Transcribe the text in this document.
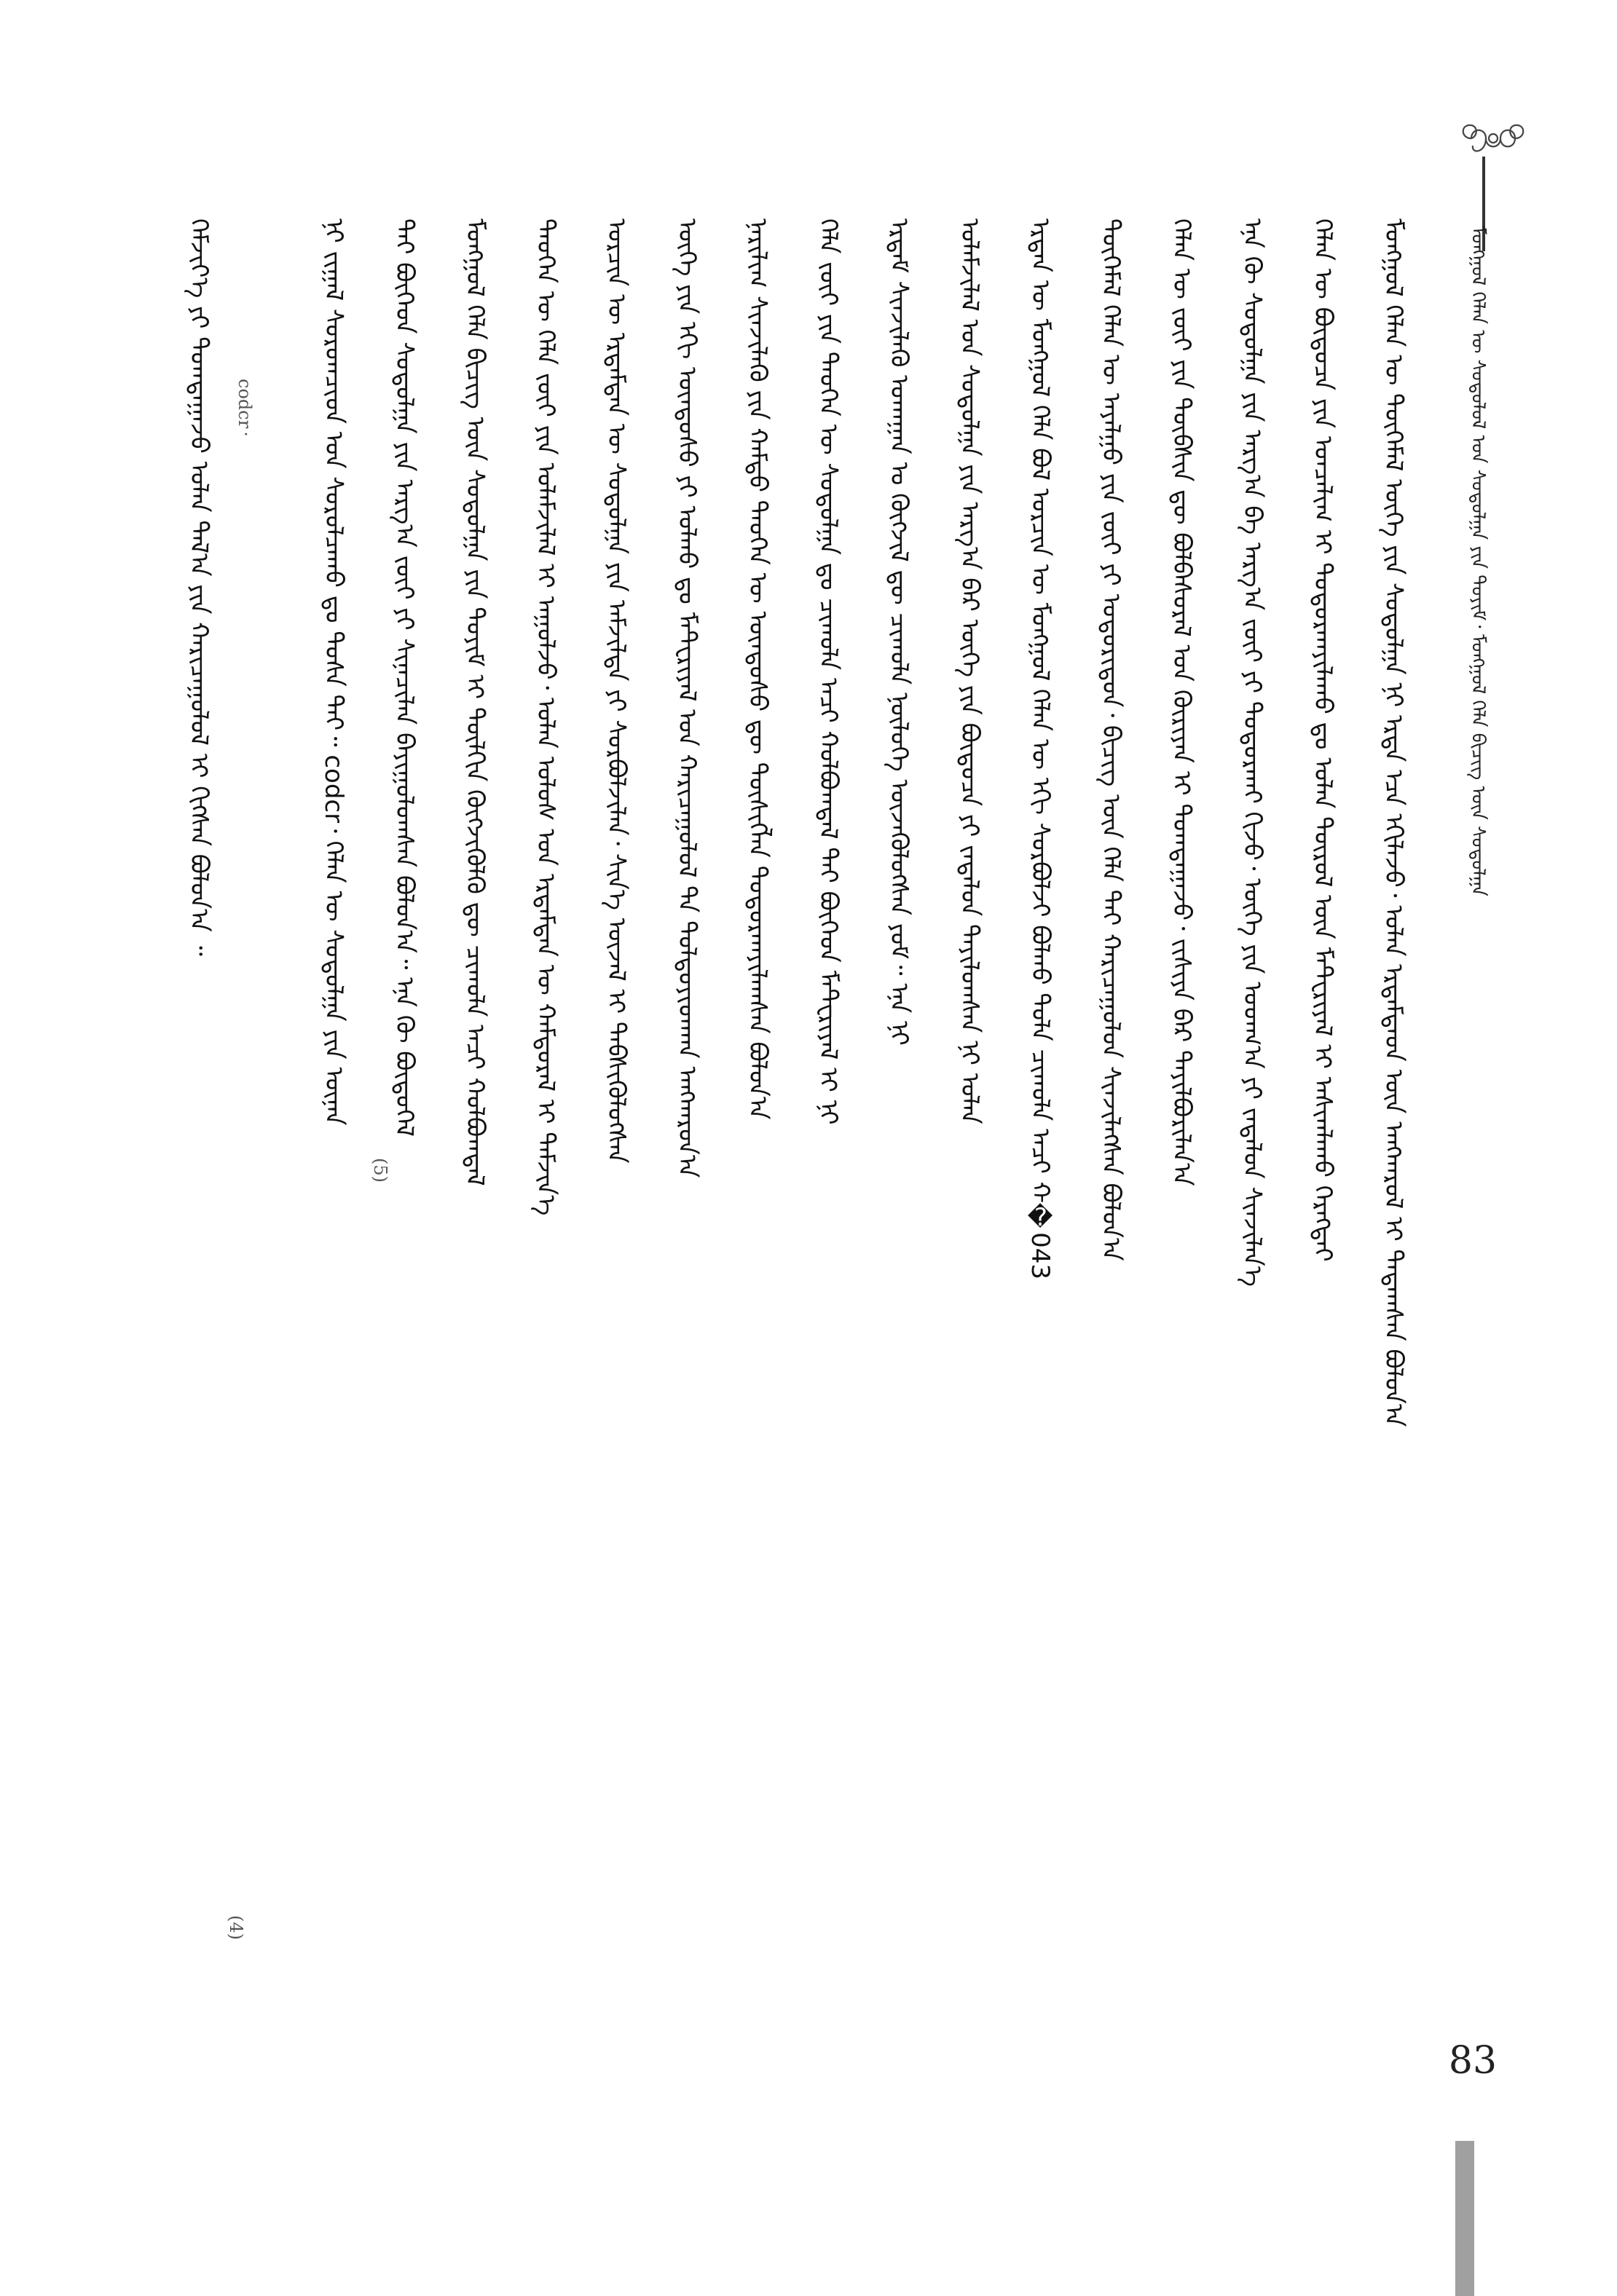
ᠮᠣᠩᠭᠣᠯ ᠬᠡᠯᠡᠨ ᠦ ᠰᠤᠳᠤᠯᠤᠯ ᠤᠨ ᠰᠤᠳᠤᠯᠭᠠ ᠶᠢᠨ ᠲᠤᠶᠢᠮ᠂ ᠮᠣᠩᠭᠣᠯ ᠬᠡᠯᠡ ᠪᠢᠴᠢᠭ ᠦᠨ ᠰᠤᠳᠤᠯᠭᠠ
83
ᠮᠣᠩᠭᠣᠯ ᠬᠡᠯᠡᠨ ᠦ ᠲᠦᠭᠡᠮᠡᠯ ᠦᠭᠡ ᠶᠢᠨ ᠰᠤᠳᠤᠯᠭᠠ ᠨᠢ ᠡᠷᠲᠡ ᠡᠴᠡ ᠡᠬᠢᠯᠡᠵᠦ᠂ ᠣᠯᠠᠨ ᠡᠷᠳᠡᠮᠲᠡᠳ ᠦᠨ ᠠᠩᠬᠠᠷᠤᠯ ᠢ ᠲᠠᠲᠠᠭᠰᠠᠨ ᠪᠣᠯᠤᠨ᠎ᠠ
ᠬᠡᠯᠡᠨ ᠦ ᠪᠦᠲᠦᠴᠡ ᠶᠢᠨ ᠣᠨᠴᠠᠯᠢᠭ ᠢ ᠲᠣᠳᠣᠷᠬᠠᠶᠢᠯᠠᠬᠤ ᠳᠤ ᠣᠯᠠᠨ ᠲᠦᠷᠦᠯ ᠦᠨ ᠮᠠᠲ᠋ᠧᠷᠢᠶᠠᠯ ᠢ ᠠᠰᠢᠭᠯᠠᠬᠤ ᠬᠡᠷᠡᠭᠲᠡᠢ
ᠡᠨᠡ ᠬᠦ ᠰᠤᠳᠤᠯᠭᠠ ᠶᠢᠨ ᠠᠷᠭ᠎ᠠ ᠪᠠ ᠠᠷᠭ᠎ᠠ ᠵᠦᠢ ᠶᠢ ᠲᠣᠳᠤᠷᠬᠠᠢ ᠬᠢᠵᠦ᠂ ᠦᠭᠡ ᠶᠢᠨ ᠤᠳᠬ᠎ᠠ ᠶᠢ ᠵᠠᠳᠠᠯᠤᠨ ᠰᠢᠨᠵᠢᠯᠡᠨ᠎ᠡ
ᠬᠡᠯᠡᠨ ᠦ ᠵᠦᠢ ᠶᠢᠨ ᠲᠦᠪᠰᠢᠨ ᠳᠦ ᠪᠣᠯᠪᠠᠰᠤᠷᠠᠯ ᠤᠨ ᠬᠦᠷᠢᠶᠡᠨ ᠢ ᠲᠣᠭᠲᠠᠭᠠᠵᠤ᠂ ᠵᠢᠱᠢᠶᠡ ᠪᠠᠷ ᠲᠠᠶᠢᠯᠪᠤᠷᠢᠯᠠᠨ᠎ᠠ
ᠲᠦᠭᠡᠮᠡᠯ ᠬᠡᠯᠡᠨ ᠦ ᠠᠶᠠᠯᠭᠤ ᠶᠢᠨ ᠵᠦᠢ ᠶᠢ ᠤᠳᠤᠷᠢᠳᠤᠨ᠂ ᠪᠢᠴᠢᠭ ᠦᠨ ᠬᠡᠯᠡ ᠲᠡᠢ ᠬᠠᠷᠢᠴᠠᠭᠤᠯᠤᠨ ᠰᠢᠨᠵᠢᠯᠡᠭᠰᠡᠨ ᠪᠣᠯᠤᠨ᠎ᠠ
ᠡᠷᠲᠡᠨ ᠦ ᠮᠣᠩᠭᠣᠯ ᠬᠡᠯᠡ ᠪᠣᠯ ᠣᠷᠴᠢᠨ ᠦ ᠮᠣᠩᠭᠣᠯ ᠬᠡᠯᠡᠨ ᠦ ᠡᠬᠢ ᠰᠤᠷᠪᠤᠯᠵᠢ ᠪᠣᠯᠬᠤ ᠲᠤᠯᠠ ᠴᠢᠬᠤᠯᠠ ᠠᠴᠢ ᠬ�043
ᠤᠯᠠᠮᠵᠢᠯᠠᠯ ᠤᠨ ᠰᠤᠳᠤᠯᠭᠠ ᠶᠢᠨ ᠠᠷᠭ᠎ᠠ ᠪᠠᠷ ᠦᠭᠡ ᠶᠢᠨ ᠪᠦᠲᠦᠴᠡ ᠶᠢ ᠵᠠᠳᠠᠯᠤᠨ ᠲᠠᠶᠢᠯᠤᠭᠰᠠᠨ ᠨᠢ ᠣᠯᠠᠨ
ᠡᠷᠳᠡᠮ ᠰᠢᠨᠵᠢᠯᠡᠬᠦ ᠤᠬᠠᠭᠠᠨ ᠤ ᠬᠥᠭᠵᠢᠯ ᠳᠦ ᠴᠢᠬᠤᠯᠠ ᠨᠥᠯᠦᠭᠡ ᠦᠵᠡᠭᠦᠯᠦᠭᠰᠡᠨ ᠶᠤᠮ᠃ ᠡᠨᠡ ᠨᠢ
ᠬᠡᠯᠡ ᠵᠦᠢ ᠶᠢᠨ ᠲᠡᠦᠬᠡᠨ ᠦ ᠰᠤᠳᠤᠯᠭᠠ ᠳᠤ ᠴᠢᠬᠤᠯᠠ ᠠᠴᠢ ᠬᠣᠯᠪᠤᠭᠳᠠᠯ ᠲᠠᠢ ᠪᠥᠭᠡᠳ ᠮᠠᠲ᠋ᠧᠷᠢᠶᠠᠯ ᠢ ᠨᠢ
ᠨᠠᠷᠢᠯᠢᠭ ᠰᠢᠨᠵᠢᠯᠡᠬᠦ ᠶᠢᠨ ᠬᠠᠮᠲᠤ ᠲᠡᠦᠬᠡᠨ ᠦ ᠦᠨᠳᠦᠰᠦ ᠳᠦ ᠲᠦᠰᠢᠭᠯᠡᠨ ᠲᠣᠳᠣᠷᠬᠠᠶᠢᠯᠠᠭᠰᠠᠨ ᠪᠣᠯᠤᠨ᠎ᠠ
ᠦᠭᠡ ᠶᠢᠨ ᠡᠬᠢ ᠦᠨᠳᠦᠰᠦ ᠶᠢ ᠣᠯᠬᠤ ᠳᠤ ᠮᠠᠲ᠋ᠧᠷᠢᠶᠠᠯ ᠤᠨ ᠬᠠᠷᠢᠴᠠᠭᠤᠯᠤᠯ ᠲᠠ ᠳᠤᠯᠳᠤᠶᠢᠳᠬᠠᠨ ᠠᠩᠬᠠᠷᠤᠨ᠎ᠠ
ᠣᠷᠴᠢᠨ ᠦ ᠡᠷᠳᠡᠮᠲᠡᠨ ᠦ ᠰᠤᠳᠤᠯᠭᠠ ᠶᠢᠨ ᠠᠮᠵᠢᠯᠲᠠ ᠶᠢ ᠰᠤᠷᠪᠤᠯᠵᠢᠯᠠᠨ᠂ ᠰᠢᠨ᠎ᠡ ᠦᠵᠡᠯ ᠢ ᠳᠡᠪᠰᠢᠭᠦᠯᠦᠭᠰᠡᠨ
ᠲᠡᠦᠬᠡᠨ ᠦ ᠬᠡᠯᠡ ᠵᠦᠢ ᠶᠢᠨ ᠤᠯᠠᠮᠵᠢᠯᠠᠯ ᠢ ᠠᠭᠤᠯᠵᠤ᠂ ᠣᠯᠠᠨ ᠤᠯᠤᠰ ᠤᠨ ᠡᠷᠳᠡᠮᠲᠡᠨ ᠦ ᠬᠠᠮᠲᠤᠷᠠᠯ ᠢ ᠳᠡᠮᠵᠢᠨ᠎ᠡ
ᠮᠣᠩᠭᠣᠯ ᠬᠡᠯᠡ ᠪᠢᠴᠢᠭ ᠦᠨ ᠰᠤᠳᠤᠯᠭᠠ ᠶᠢᠨ ᠲᠤᠶᠢᠮ ᠢ ᠲᠦᠯᠬᠢᠨ ᠬᠥᠭᠵᠢᠭᠦᠯᠬᠦ ᠳᠦ ᠴᠢᠬᠤᠯᠠ ᠠᠴᠢ ᠬᠣᠯᠪᠣᠭᠳᠠᠯ
ᠲᠠᠢ ᠪᠥᠭᠡᠳ ᠰᠤᠳᠤᠯᠭᠠ ᠶᠢᠨ ᠠᠷᠭ᠎ᠠ ᠵᠦᠢ ᠶᠢ ᠰᠢᠨᠡᠴᠢᠯᠡᠨ ᠪᠠᠶᠢᠭᠤᠯᠤᠭᠰᠠᠨ ᠪᠣᠯᠤᠨ᠎ᠠ᠃ ᠡᠨᠡ ᠬᠦ ᠪᠦᠲᠦᠭᠡᠯ
ᠨᠢ ᠵᠢᠭᠠᠯ ᠰᠤᠷᠤᠭᠴᠢᠳ ᠤᠨ ᠰᠤᠷᠤᠯᠴᠠᠬᠤ ᠳᠤ ᠲᠤᠰᠠ ᠲᠠᠢ᠃ codcr᠂ ᠬᠡᠯᠡᠨ ᠦ ᠰᠤᠳᠤᠯᠭᠠ ᠶᠢᠨ ᠦᠨᠡᠨ
ᠬᠡᠮᠵᠢᠶ᠎ᠡ ᠶᠢ ᠲᠤᠭᠲᠠᠭᠠᠵᠤ ᠣᠯᠠᠨ ᠲᠠᠯ᠎ᠠ ᠶᠢᠨ ᠬᠠᠷᠢᠴᠠᠭᠤᠯᠤᠯ ᠢ ᠬᠢᠭᠰᠡᠨ ᠪᠣᠯᠤᠨ᠎ᠠ ᠃
(5)
(4)
codcr᠂
